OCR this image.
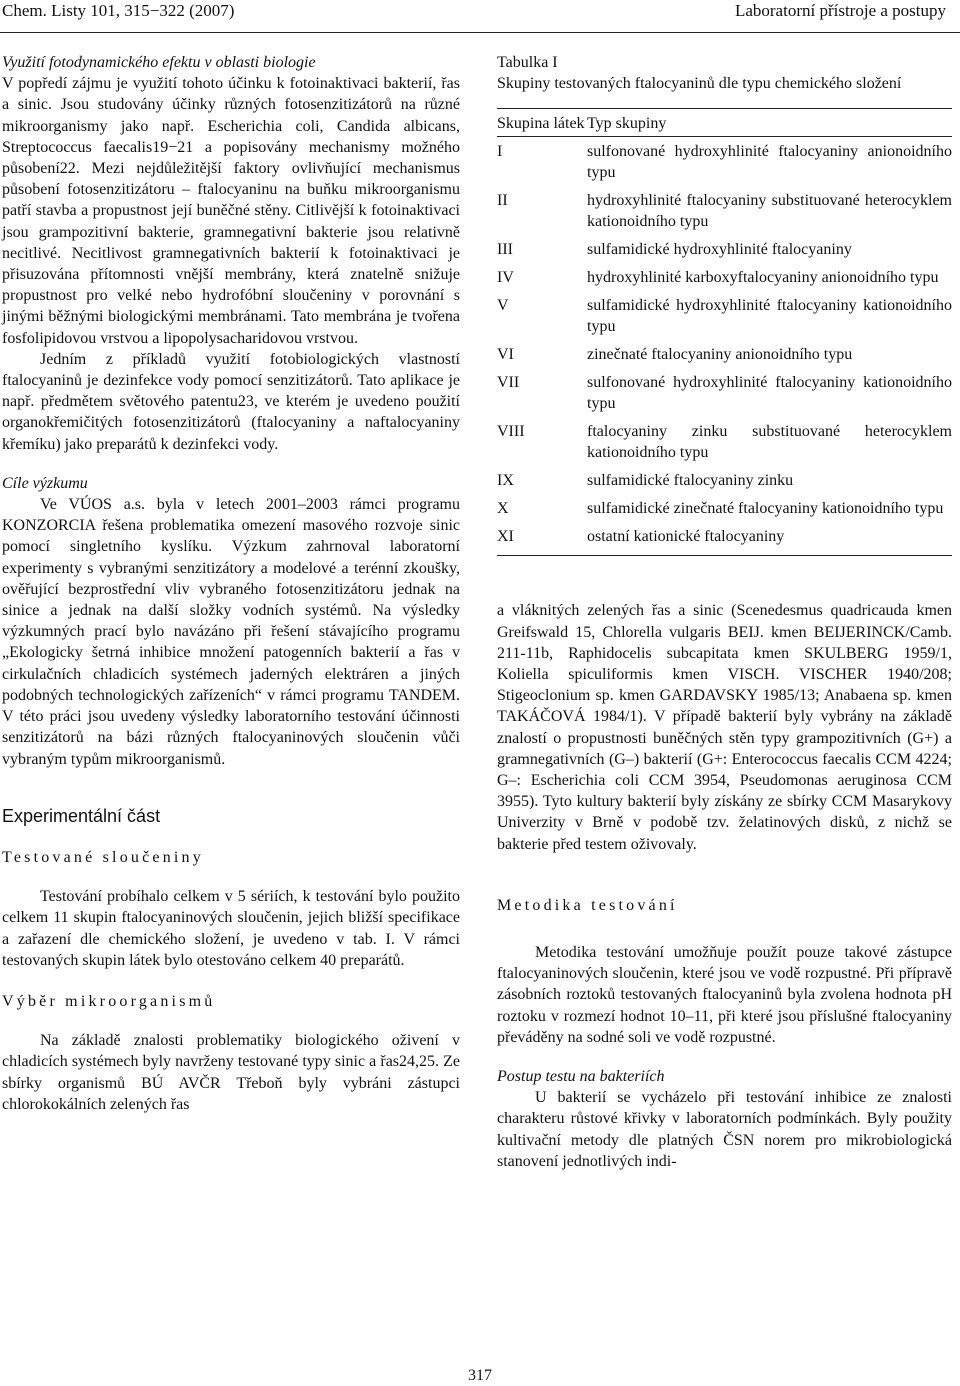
Chem. Listy 101, 315−322 (2007)	Laboratorní přístroje a postupy

Využití fotodynamického efektu v oblasti biologie

V popředí zájmu je využití tohoto účinku k fotoinaktivaci bakterií, řas a sinic. Jsou studovány účinky různých fotosenzitizátorů na různé mikroorganismy jako např. Escherichia coli, Candida albicans, Streptococcus faecalis19−21 a popisovány mechanismy možného působení22. Mezi nejdůležitější faktory ovlivňující mechanismus působení fotosenzitizátoru – ftalocyaninu na buňku mikroorganismu patří stavba a propustnost její buněčné stěny. Citlivější k fotoinaktivaci jsou grampozitivní bakterie, gramnegativní bakterie jsou relativně necitlivé. Necitlivost gramnegativních bakterií k fotoinaktivaci je přisuzována přítomnosti vnější membrány, která znatelně snižuje propustnost pro velké nebo hydrofóbní sloučeniny v porovnání s jinými běžnými biologickými membránami. Tato membrána je tvořena fosfolipidovou vrstvou a lipopolysacharidovou vrstvou.

Jedním z příkladů využití fotobiologických vlastností ftalocyaninů je dezinfekce vody pomocí senzitizátorů. Tato aplikace je např. předmětem světového patentu23, ve kterém je uvedeno použití organokřemičitých fotosenzitizátorů (ftalocyaniny a naftalocyaniny křemíku) jako preparátů k dezinfekci vody.

Cíle výzkumu

Ve VÚOS a.s. byla v letech 2001–2003 rámci programu KONZORCIA řešena problematika omezení masového rozvoje sinic pomocí singletního kyslíku. Výzkum zahrnoval laboratorní experimenty s vybranými senzitizátory a modelové a terénní zkoušky, ověřující bezprostřední vliv vybraného fotosenzitizátoru jednak na sinice a jednak na další složky vodních systémů. Na výsledky výzkumných prací bylo navázáno při řešení stávajícího programu „Ekologicky šetrná inhibice množení patogenních bakterií a řas v cirkulačních chladicích systémech jaderných elektráren a jiných podobných technologických zařízeních“ v rámci programu TANDEM. V této práci jsou uvedeny výsledky laboratorního testování účinnosti senzitizátorů na bázi různých ftalocyaninových sloučenin vůči vybraným typům mikroorganismů.

Experimentální část

Testované sloučeniny

Testování probíhalo celkem v 5 sériích, k testování bylo použito celkem 11 skupin ftalocyaninových sloučenin, jejich bližší specifikace a zařazení dle chemického složení, je uvedeno v tab. I. V rámci testovaných skupin látek bylo otestováno celkem 40 preparátů.

Výběr mikroorganismů

Na základě znalosti problematiky biologického oživení v chladicích systémech byly navrženy testované typy sinic a řas24,25. Ze sbírky organismů BÚ AVČR Třeboň byly vybráni zástupci chlorokokálních zelených řas

Tabulka I

Skupiny testovaných ftalocyaninů dle typu chemického složení

Skupina látek	Typ skupiny
I	sulfonované hydroxyhlinité ftalocyaniny anionoidního typu
II	hydroxyhlinité ftalocyaniny substituované heterocyklem kationoidního typu
III	sulfamidické hydroxyhlinité ftalocyaniny
IV	hydroxyhlinité karboxyftalocyaniny anionoidního typu
V	sulfamidické hydroxyhlinité ftalocyaniny kationoidního typu
VI	zinečnaté ftalocyaniny anionoidního typu
VII	sulfonované hydroxyhlinité ftalocyaniny kationoidního typu
VIII	ftalocyaniny zinku substituované heterocyklem kationoidního typu
IX	sulfamidické ftalocyaniny zinku
X	sulfamidické zinečnaté ftalocyaniny kationoidního typu
XI	ostatní kationické ftalocyaniny

a vláknitých zelených řas a sinic (Scenedesmus quadricauda kmen Greifswald 15, Chlorella vulgaris BEIJ. kmen BEIJERINCK/Camb. 211-11b, Raphidocelis subcapitata kmen SKULBERG 1959/1, Koliella spiculiformis kmen VISCH. VISCHER 1940/208; Stigeoclonium sp. kmen GARDAVSKY 1985/13; Anabaena sp. kmen TAKÁČOVÁ 1984/1). V případě bakterií byly vybrány na základě znalostí o propustnosti buněčných stěn typy grampozitivních (G+) a gramnegativních (G–) bakterií (G+: Enterococcus faecalis CCM 4224; G–: Escherichia coli CCM 3954, Pseudomonas aeruginosa CCM 3955). Tyto kultury bakterií byly získány ze sbírky CCM Masarykovy Univerzity v Brně v podobě tzv. želatinových disků, z nichž se bakterie před testem oživovaly.

Metodika testování

Metodika testování umožňuje použít pouze takové zástupce ftalocyaninových sloučenin, které jsou ve vodě rozpustné. Při přípravě zásobních roztoků testovaných ftalocyaninů byla zvolena hodnota pH roztoku v rozmezí hodnot 10–11, při které jsou příslušné ftalocyaniny převáděny na sodné soli ve vodě rozpustné.

Postup testu na bakteriích

U bakterií se vycházelo při testování inhibice ze znalosti charakteru růstové křivky v laboratorních podmínkách. Byly použity kultivační metody dle platných ČSN norem pro mikrobiologická stanovení jednotlivých indi-

317
